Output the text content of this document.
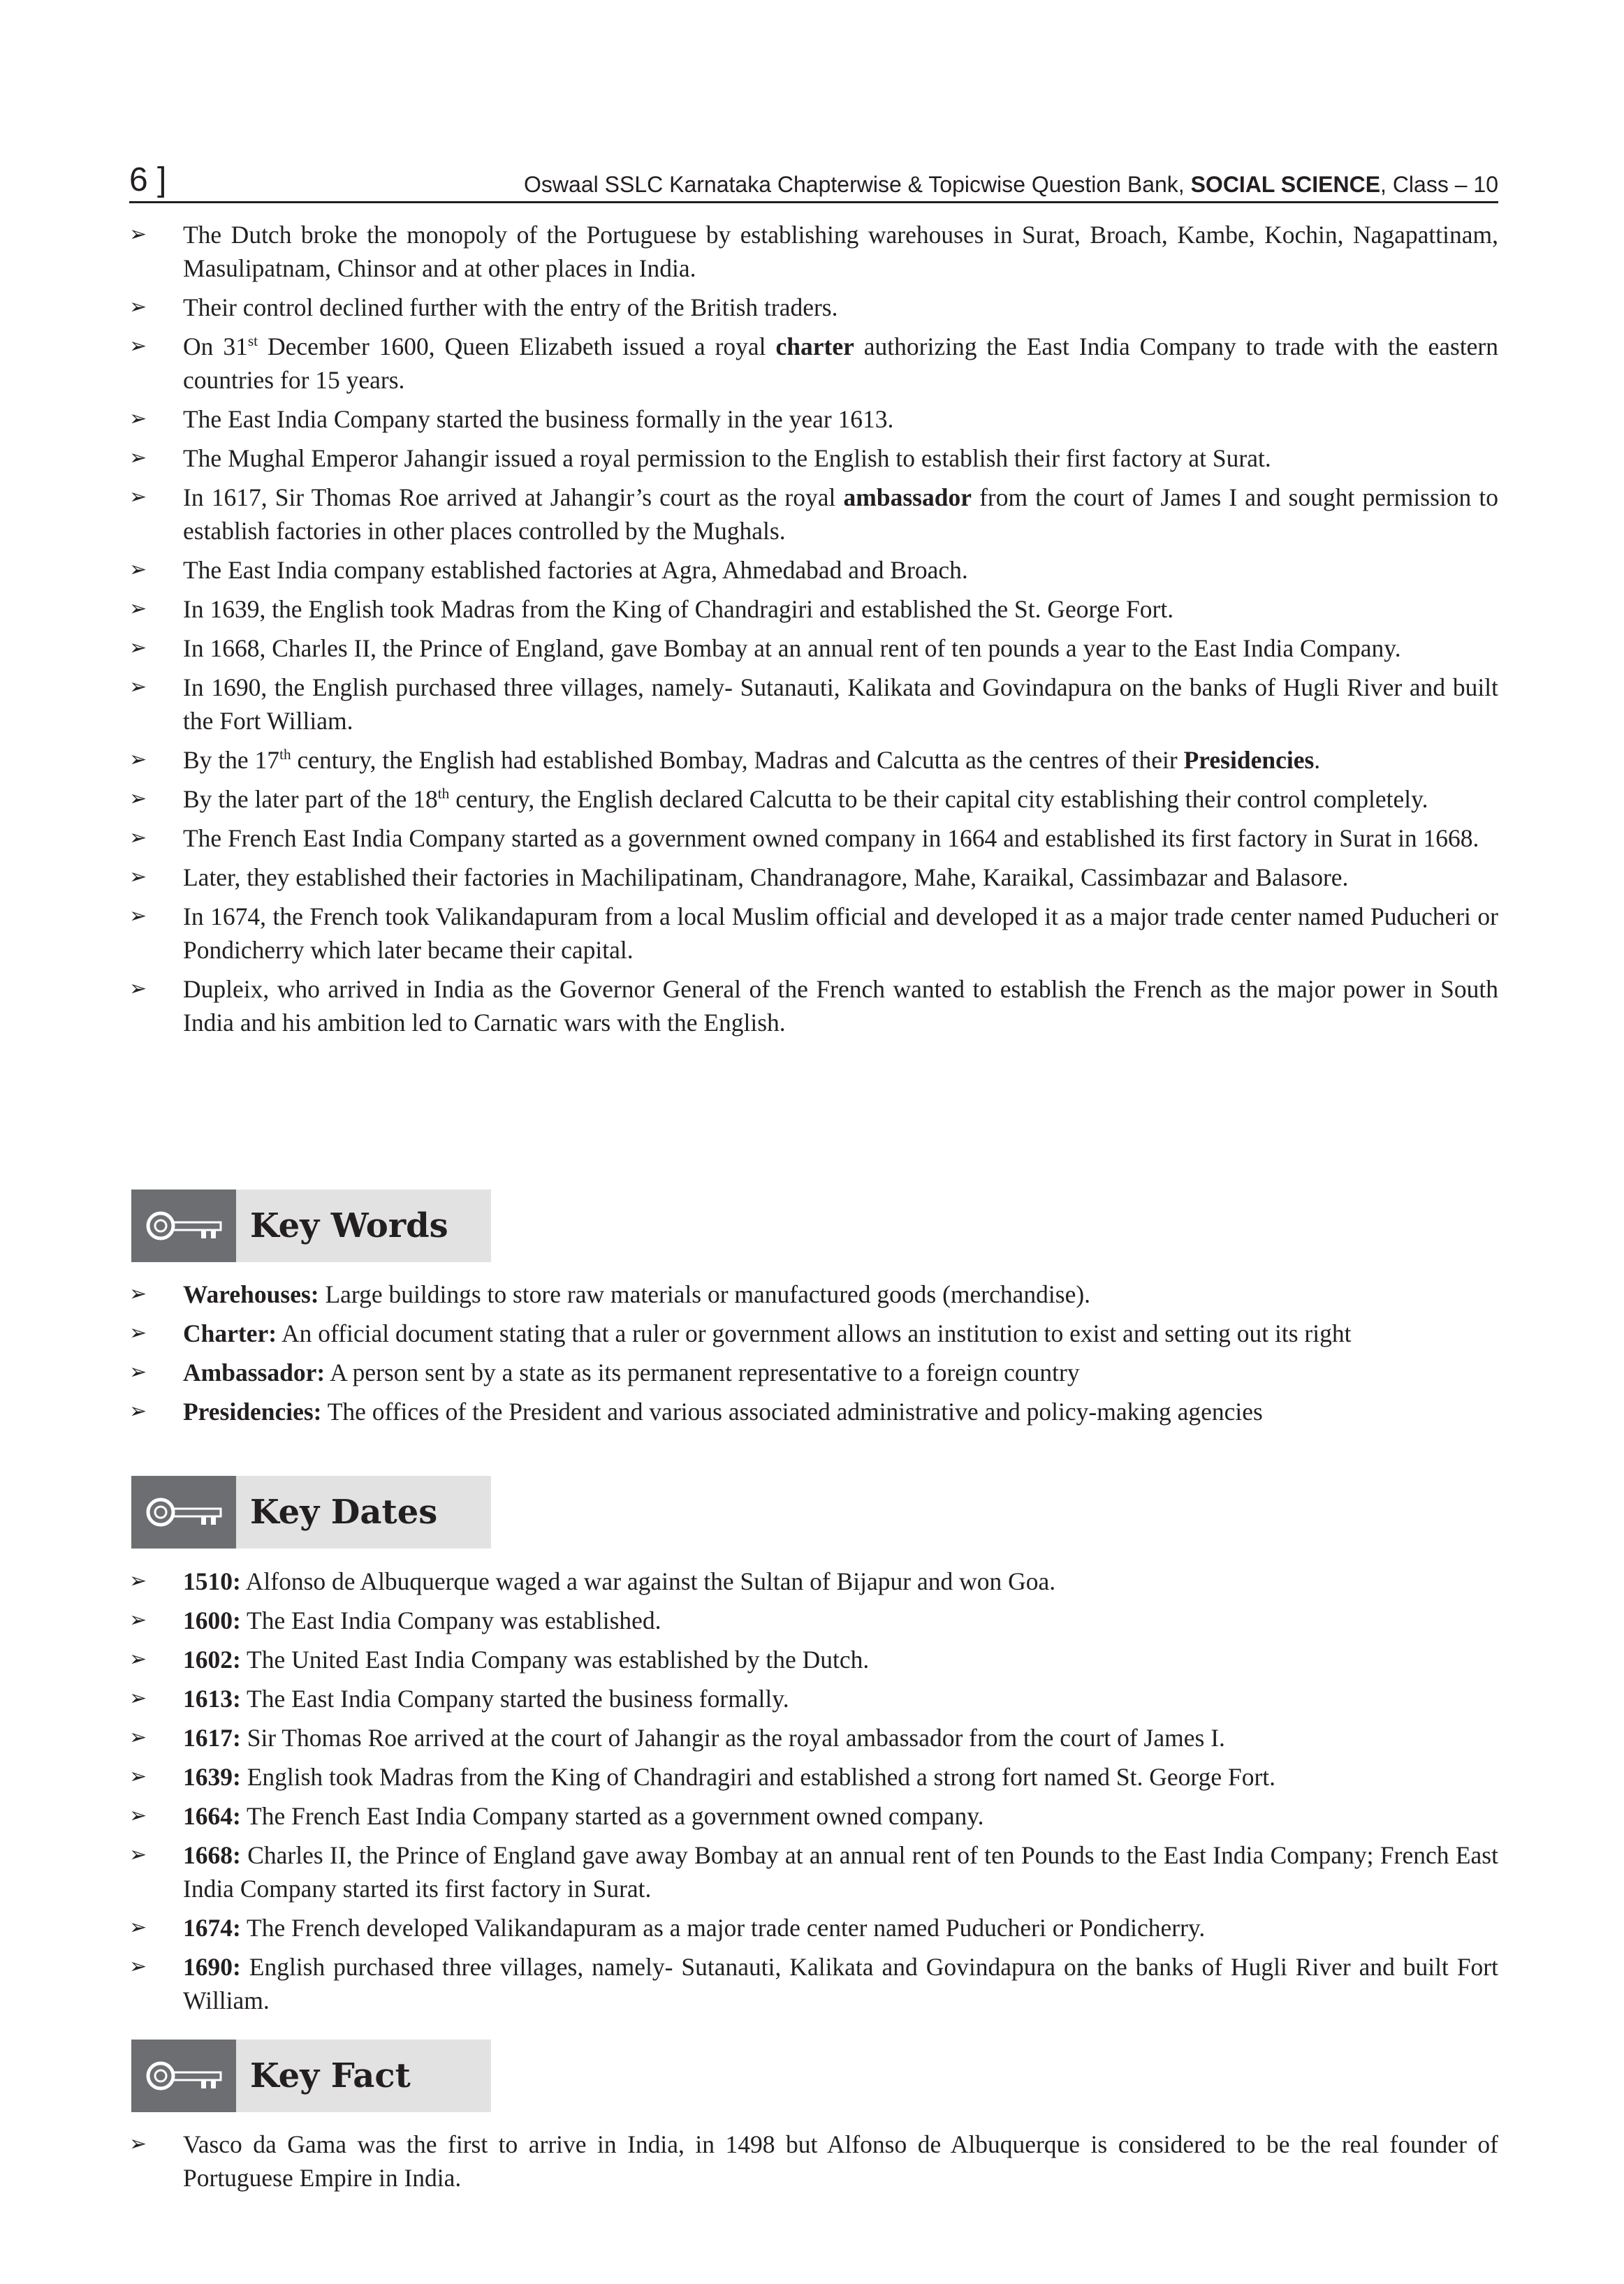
6 ]	Oswaal SSLC Karnataka Chapterwise & Topicwise Question Bank, SOCIAL SCIENCE, Class – 10
➢ The Dutch broke the monopoly of the Portuguese by establishing warehouses in Surat, Broach, Kambe, Kochin, Nagapattinam, Masulipatnam, Chinsor and at other places in India.
➢ Their control declined further with the entry of the British traders.
➢ On 31st December 1600, Queen Elizabeth issued a royal charter authorizing the East India Company to trade with the eastern countries for 15 years.
➢ The East India Company started the business formally in the year 1613.
➢ The Mughal Emperor Jahangir issued a royal permission to the English to establish their first factory at Surat.
➢ In 1617, Sir Thomas Roe arrived at Jahangir’s court as the royal ambassador from the court of James I and sought permission to establish factories in other places controlled by the Mughals.
➢ The East India company established factories at Agra, Ahmedabad and Broach.
➢ In 1639, the English took Madras from the King of Chandragiri and established the St. George Fort.
➢ In 1668, Charles II, the Prince of England, gave Bombay at an annual rent of ten pounds a year to the East India Company.
➢ In 1690, the English purchased three villages, namely- Sutanauti, Kalikata and Govindapura on the banks of Hugli River and built the Fort William.
➢ By the 17th century, the English had established Bombay, Madras and Calcutta as the centres of their Presidencies.
➢ By the later part of the 18th century, the English declared Calcutta to be their capital city establishing their control completely.
➢ The French East India Company started as a government owned company in 1664 and established its first factory in Surat in 1668.
➢ Later, they established their factories in Machilipatinam, Chandranagore, Mahe, Karaikal, Cassimbazar and Balasore.
➢ In 1674, the French took Valikandapuram from a local Muslim official and developed it as a major trade center named Puducheri or Pondicherry which later became their capital.
➢ Dupleix, who arrived in India as the Governor General of the French wanted to establish the French as the major power in South India and his ambition led to Carnatic wars with the English.
Key Words
➢ Warehouses: Large buildings to store raw materials or manufactured goods (merchandise).
➢ Charter: An official document stating that a ruler or government allows an institution to exist and setting out its right
➢ Ambassador: A person sent by a state as its permanent representative to a foreign country
➢ Presidencies: The offices of the President and various associated administrative and policy-making agencies
Key Dates
➢ 1510: Alfonso de Albuquerque waged a war against the Sultan of Bijapur and won Goa.
➢ 1600: The East India Company was established.
➢ 1602: The United East India Company was established by the Dutch.
➢ 1613: The East India Company started the business formally.
➢ 1617: Sir Thomas Roe arrived at the court of Jahangir as the royal ambassador from the court of James I.
➢ 1639: English took Madras from the King of Chandragiri and established a strong fort named St. George Fort.
➢ 1664: The French East India Company started as a government owned company.
➢ 1668: Charles II, the Prince of England gave away Bombay at an annual rent of ten Pounds to the East India Company; French East India Company started its first factory in Surat.
➢ 1674: The French developed Valikandapuram as a major trade center named Puducheri or Pondicherry.
➢ 1690: English purchased three villages, namely- Sutanauti, Kalikata and Govindapura on the banks of Hugli River and built Fort William.
Key Fact
➢ Vasco da Gama was the first to arrive in India, in 1498 but Alfonso de Albuquerque is considered to be the real founder of Portuguese Empire in India.
